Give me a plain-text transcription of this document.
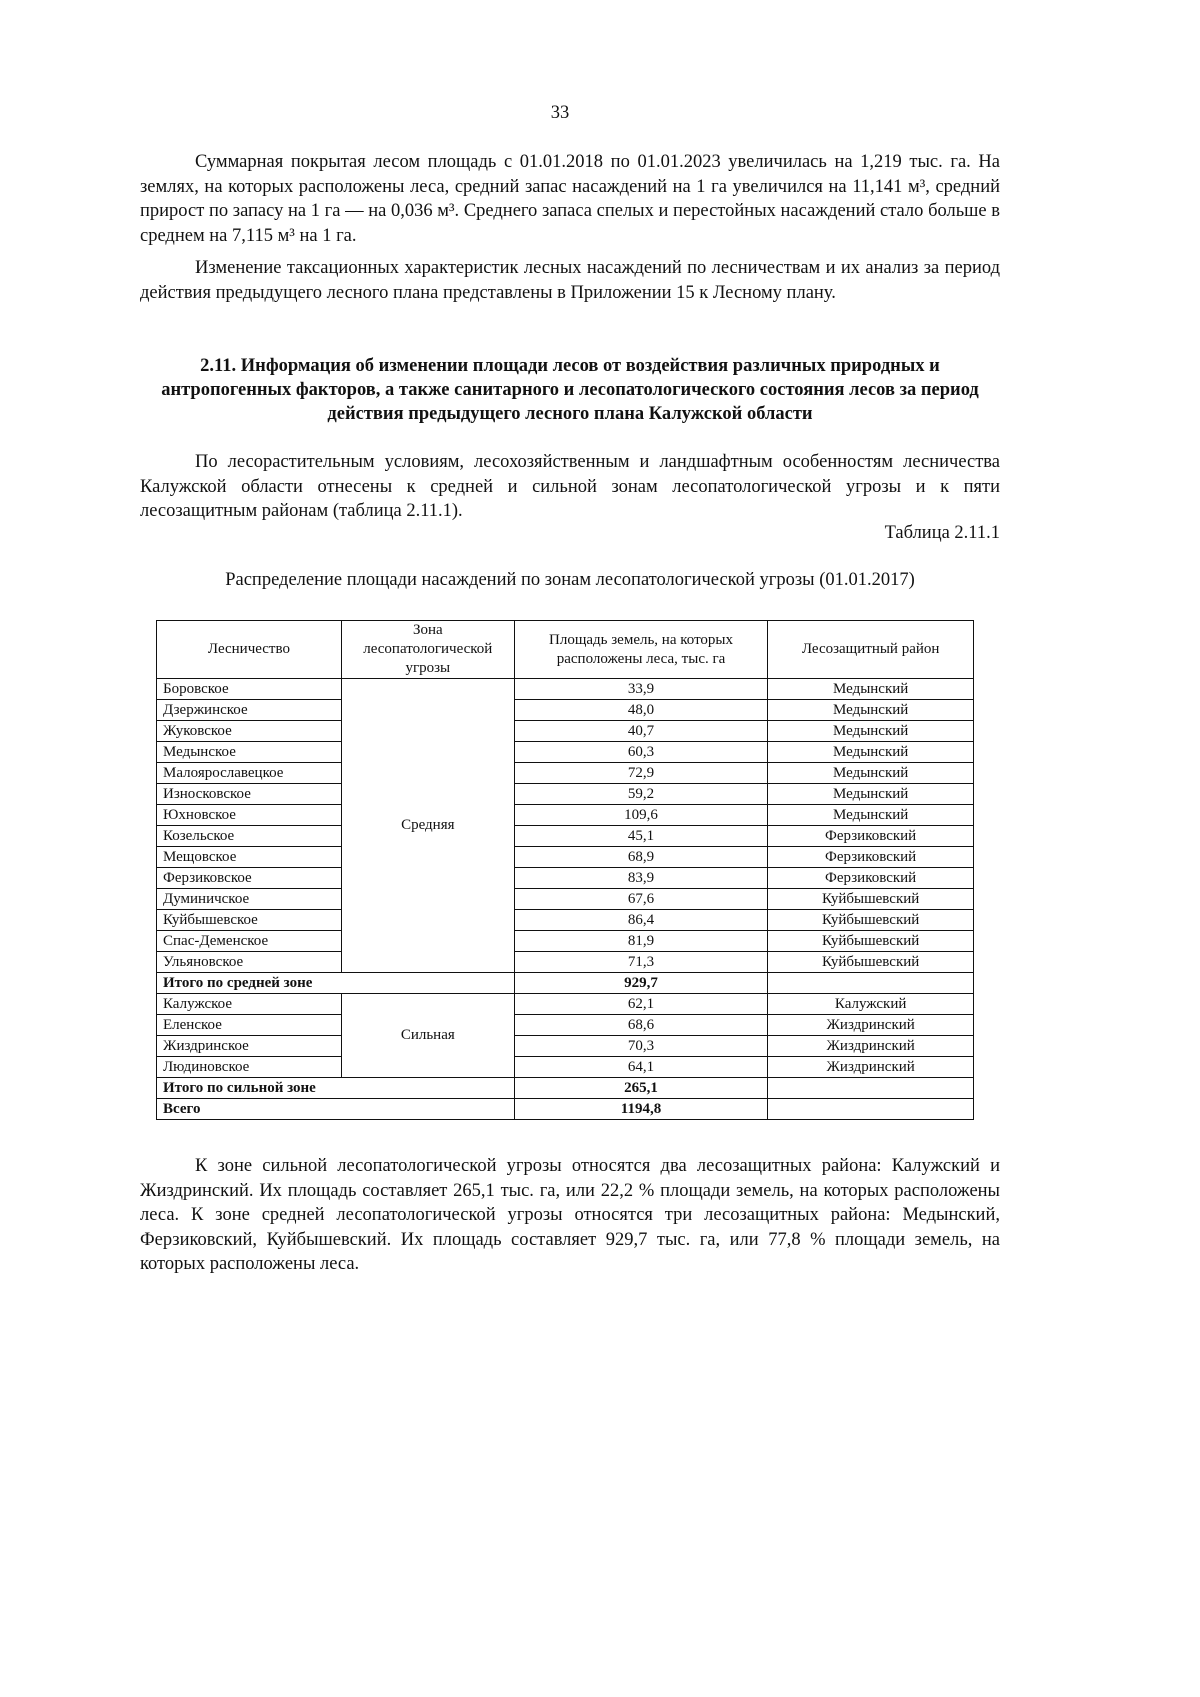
33
Суммарная покрытая лесом площадь с 01.01.2018 по 01.01.2023 увеличилась на 1,219 тыс. га. На землях, на которых расположены леса, средний запас насаждений на 1 га увеличился на 11,141 м³, средний прирост по запасу на 1 га — на 0,036 м³. Среднего запаса спелых и перестойных насаждений стало больше в среднем на 7,115 м³ на 1 га.
Изменение таксационных характеристик лесных насаждений по лесничествам и их анализ за период действия предыдущего лесного плана представлены в Приложении 15 к Лесному плану.
2.11. Информация об изменении площади лесов от воздействия различных природных и антропогенных факторов, а также санитарного и лесопатологического состояния лесов за период действия предыдущего лесного плана Калужской области
По лесорастительным условиям, лесохозяйственным и ландшафтным особенностям лесничества Калужской области отнесены к средней и сильной зонам лесопатологической угрозы и к пяти лесозащитным районам (таблица 2.11.1).
Таблица 2.11.1
Распределение площади насаждений по зонам лесопатологической угрозы (01.01.2017)
Лесничество	Зона лесопатологической угрозы	Площадь земель, на которых расположены леса, тыс. га	Лесозащитный район
Боровское	Средняя	33,9	Медынский
Дзержинское		48,0	Медынский
Жуковское		40,7	Медынский
Медынское		60,3	Медынский
Малоярославецкое		72,9	Медынский
Износковское		59,2	Медынский
Юхновское		109,6	Медынский
Козельское		45,1	Ферзиковский
Мещовское		68,9	Ферзиковский
Ферзиковское		83,9	Ферзиковский
Думиничское		67,6	Куйбышевский
Куйбышевское		86,4	Куйбышевский
Спас-Деменское		81,9	Куйбышевский
Ульяновское		71,3	Куйбышевский
Итого по средней зоне		929,7	
Калужское	Сильная	62,1	Калужский
Еленское		68,6	Жиздринский
Жиздринское		70,3	Жиздринский
Людиновское		64,1	Жиздринский
Итого по сильной зоне		265,1	
Всего		1194,8	
К зоне сильной лесопатологической угрозы относятся два лесозащитных района: Калужский и Жиздринский. Их площадь составляет 265,1 тыс. га, или 22,2 % площади земель, на которых расположены леса. К зоне средней лесопатологической угрозы относятся три лесозащитных района: Медынский, Ферзиковский, Куйбышевский. Их площадь составляет 929,7 тыс. га, или 77,8 % площади земель, на которых расположены леса.
